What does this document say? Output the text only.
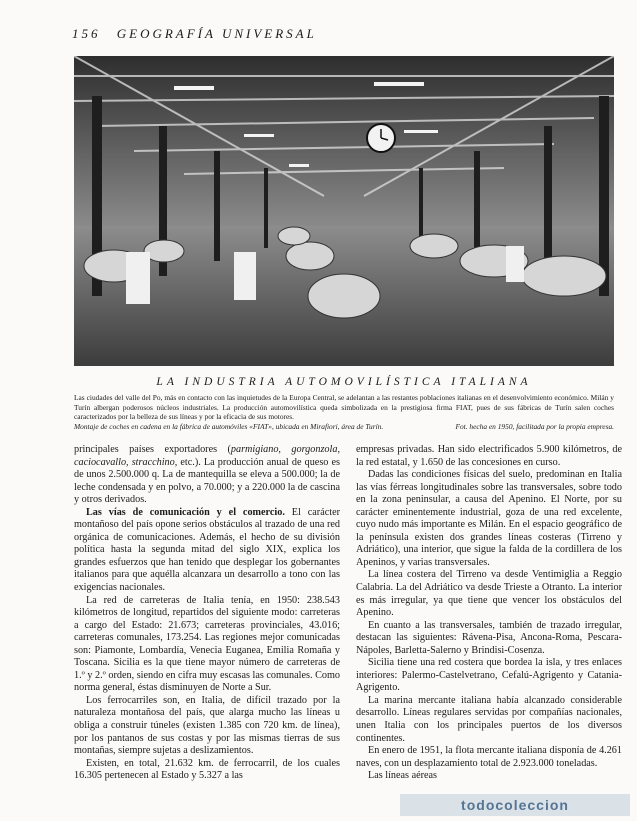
156 GEOGRAFÍA UNIVERSAL
LA INDUSTRIA AUTOMOVILÍSTICA ITALIANA
Las ciudades del valle del Po, más en contacto con las inquietudes de la Europa Central, se adelantan a las restantes poblaciones italianas en el desenvolvimiento económico. Milán y Turín albergan poderosos núcleos industriales. La producción automovilística queda simbolizada en la prestigiosa firma FIAT, pues de sus fábricas de Turín salen coches caracterizados por la belleza de sus líneas y por la eficacia de sus motores.
Montaje de coches en cadena en la fábrica de automóviles «FIAT», ubicada en Mirafiori, área de Turín.	Fot. hecha en 1950, facilitada por la propia empresa.

principales países exportadores (parmigiano, gorgonzola, caciocavallo, stracchino, etc.). La producción anual de queso es de unos 2.500.000 q. La de mantequilla se eleva a 500.000; la de leche condensada y en polvo, a 70.000; y a 220.000 la de cascina y otros derivados.

Las vías de comunicación y el comercio. El carácter montañoso del país opone serios obstáculos al trazado de una red orgánica de comunicaciones. Además, el hecho de su división política hasta la segunda mitad del siglo XIX, explica los grandes esfuerzos que han tenido que desplegar los gobernantes italianos para que aquélla alcanzara un desarrollo a tono con las exigencias nacionales.

La red de carreteras de Italia tenía, en 1950: 238.543 kilómetros de longitud, repartidos del siguiente modo: carreteras a cargo del Estado: 21.673; carreteras provinciales, 43.016; carreteras comunales, 173.254. Las regiones mejor comunicadas son: Piamonte, Lombardía, Venecia Euganea, Emilia Romaña y Toscana. Sicilia es la que tiene mayor número de carreteras de 1.º y 2.º orden, siendo en cifra muy escasas las comunales. Como norma general, éstas disminuyen de Norte a Sur.

Los ferrocarriles son, en Italia, de difícil trazado por la naturaleza montañosa del país, que alarga mucho las líneas u obliga a construir túneles (existen 1.385 con 720 km. de línea), por los pantanos de sus costas y por las mismas tierras de sus montañas, siempre sujetas a deslizamientos.

Existen, en total, 21.632 km. de ferrocarril, de los cuales 16.305 pertenecen al Estado y 5.327 a las

empresas privadas. Han sido electrificados 5.900 kilómetros, de la red estatal, y 1.650 de las concesiones en curso.

Dadas las condiciones físicas del suelo, predominan en Italia las vías férreas longitudinales sobre las transversales, sobre todo en la zona peninsular, a causa del Apenino. El Norte, por su carácter eminentemente industrial, goza de una red excelente, cuyo nudo más importante es Milán. En el espacio geográfico de la península existen dos grandes líneas costeras (Tirreno y Adriático), una interior, que sigue la falda de la cordillera de los Apeninos, y varias transversales.

La línea costera del Tirreno va desde Ventimiglia a Reggio Calabria. La del Adriático va desde Trieste a Otranto. La interior es más irregular, ya que tiene que vencer los obstáculos del Apenino.

En cuanto a las transversales, también de trazado irregular, destacan las siguientes: Rávena-Pisa, Ancona-Roma, Pescara-Nápoles, Barletta-Salerno y Brindisi-Cosenza.

Sicilia tiene una red costera que bordea la isla, y tres enlaces interiores: Palermo-Castelvetrano, Cefalú-Agrigento y Catania-Agrigento.

La marina mercante italiana había alcanzado considerable desarrollo. Líneas regulares servidas por compañías nacionales, unen Italia con los principales puertos de los diversos continentes.

En enero de 1951, la flota mercante italiana disponía de 4.261 naves, con un desplazamiento total de 2.923.000 toneladas.

Las líneas aéreas

todocoleccion
